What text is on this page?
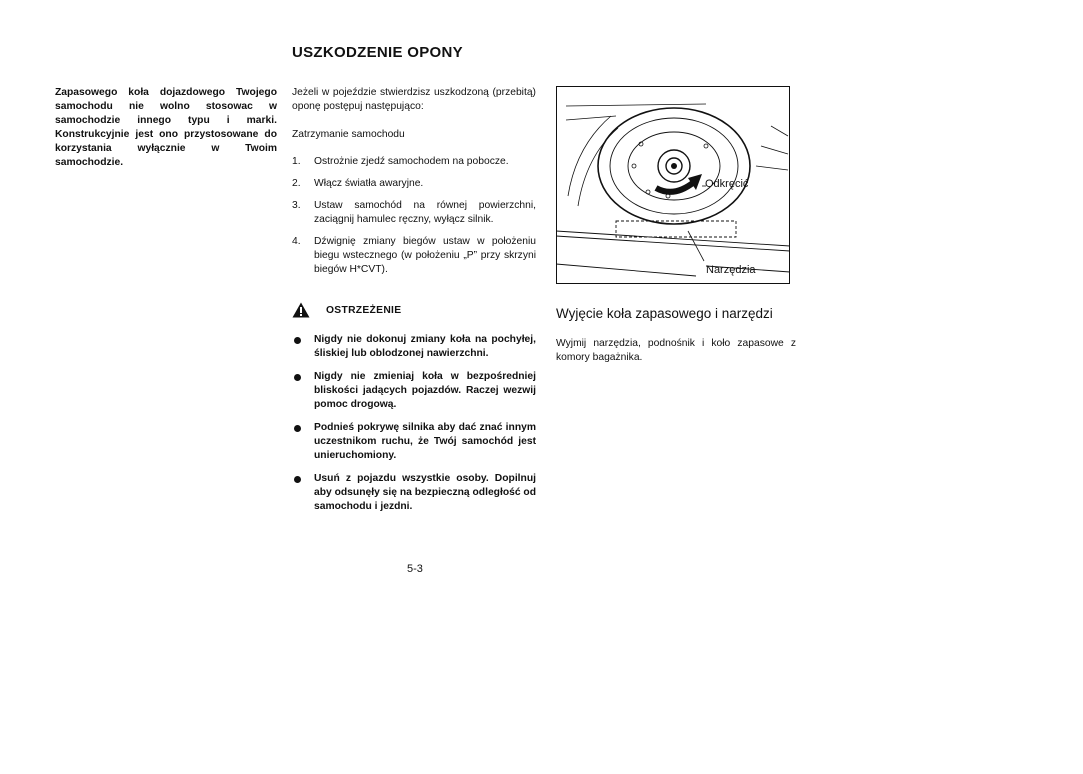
USZKODZENIE OPONY
Zapasowego koła dojazdowego Twojego samochodu nie wolno stosowac w samochodzie innego typu i marki. Konstrukcyjnie jest ono przystosowane do korzystania wyłącznie w Twoim samochodzie.
Jeżeli w pojeździe stwierdzisz uszkodzoną (przebitą) oponę postępuj następująco:
Zatrzymanie samochodu
1. Ostrożnie zjedź samochodem na pobocze.
2. Włącz światła awaryjne.
3. Ustaw samochód na równej powierzchni, zaciągnij hamulec ręczny, wyłącz silnik.
4. Dźwignię zmiany biegów ustaw w położeniu biegu wstecznego (w położeniu „P” przy skrzyni biegów H*CVT).
OSTRZEŻENIE
Nigdy nie dokonuj zmiany koła na pochyłej, śliskiej lub oblodzonej nawierzchni.
Nigdy nie zmieniaj koła w bezpośredniej bliskości jadących pojazdów. Raczej wezwij pomoc drogową.
Podnieś pokrywę silnika aby dać znać innym uczestnikom ruchu, że Twój samochód jest unieruchomiony.
Usuń z pojazdu wszystkie osoby. Dopilnuj aby odsunęły się na bezpieczną odległość od samochodu i jezdni.
Odkręcić
Narzędzia
Wyjęcie koła zapasowego i narzędzi
Wyjmij narzędzia, podnośnik i koło zapasowe z komory bagażnika.
5-3
